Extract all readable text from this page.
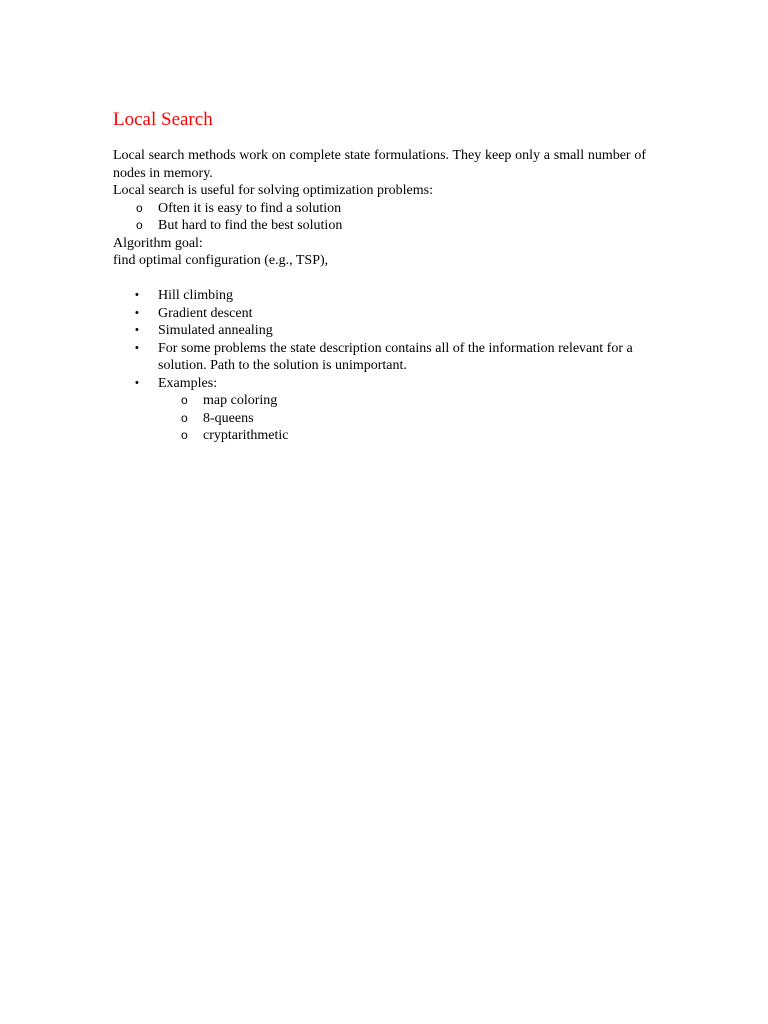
Local Search

Local search methods work on complete state formulations. They keep only a small number of nodes in memory.

Local search is useful for solving optimization problems:

o Often it is easy to find a solution
o But hard to find the best solution

Algorithm goal:

find optimal configuration (e.g., TSP),

• Hill climbing
• Gradient descent
• Simulated annealing
• For some problems the state description contains all of the information relevant for a solution. Path to the solution is unimportant.
• Examples:
o map coloring
o 8-queens
o cryptarithmetic
